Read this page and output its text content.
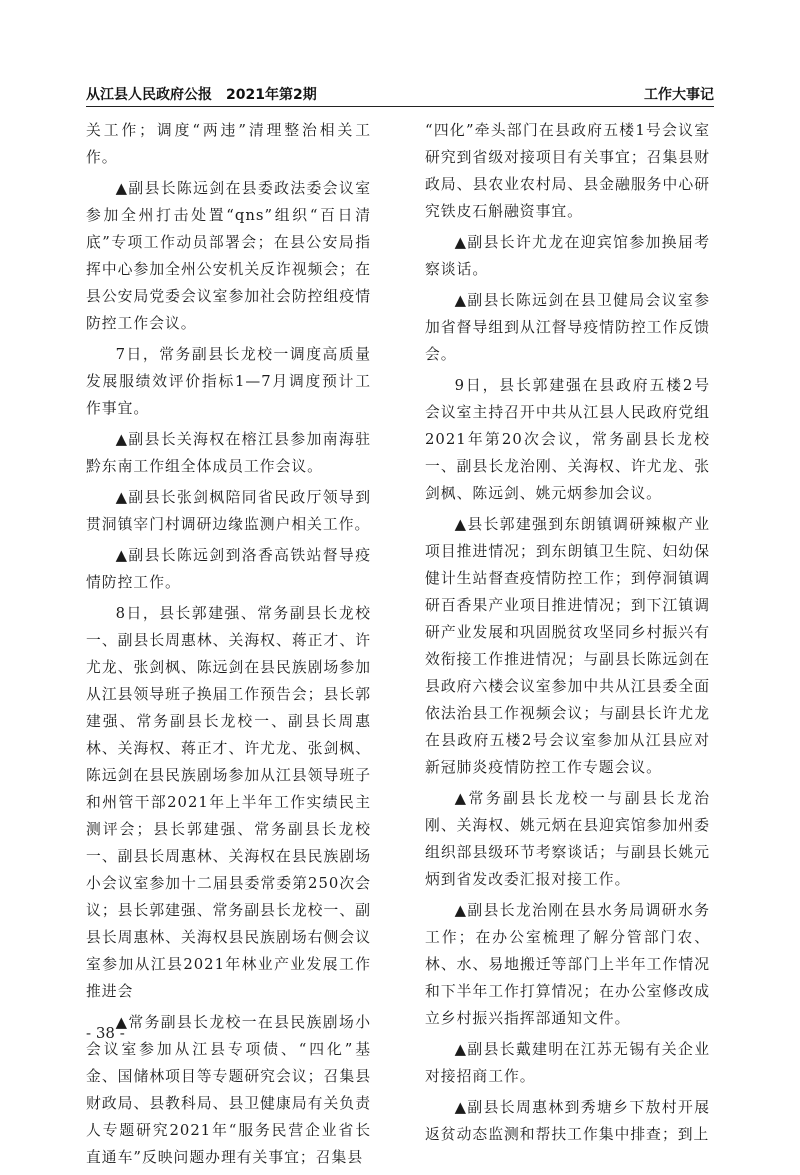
从江县人民政府公报 2021年第2期	工作大事记

关工作；调度“两违”清理整治相关工作。

▲副县长陈远剑在县委政法委会议室参加全州打击处置“qns”组织“百日清底”专项工作动员部署会；在县公安局指挥中心参加全州公安机关反诈视频会；在县公安局党委会议室参加社会防控组疫情防控工作会议。

7日，常务副县长龙校一调度高质量发展服绩效评价指标1—7月调度预计工作事宜。

▲副县长关海权在榕江县参加南海驻黔东南工作组全体成员工作会议。

▲副县长张剑枫陪同省民政厅领导到贯洞镇宰门村调研边缘监测户相关工作。

▲副县长陈远剑到洛香高铁站督导疫情防控工作。

8日，县长郭建强、常务副县长龙校一、副县长周惠林、关海权、蒋正才、许尤龙、张剑枫、陈远剑在县民族剧场参加从江县领导班子换届工作预告会；县长郭建强、常务副县长龙校一、副县长周惠林、关海权、蒋正才、许尤龙、张剑枫、陈远剑在县民族剧场参加从江县领导班子和州管干部2021年上半年工作实绩民主测评会；县长郭建强、常务副县长龙校一、副县长周惠林、关海权在县民族剧场小会议室参加十二届县委常委第250次会议；县长郭建强、常务副县长龙校一、副县长周惠林、关海权县民族剧场右侧会议室参加从江县2021年林业产业发展工作推进会

▲常务副县长龙校一在县民族剧场小会议室参加从江县专项债、“四化”基金、国储林项目等专题研究会议；召集县财政局、县教科局、县卫健康局有关负责人专题研究2021年“服务民营企业省长直通车”反映问题办理有关事宜；召集县

“四化”牵头部门在县政府五楼1号会议室研究到省级对接项目有关事宜；召集县财政局、县农业农村局、县金融服务中心研究铁皮石斛融资事宜。

▲副县长许尤龙在迎宾馆参加换届考察谈话。

▲副县长陈远剑在县卫健局会议室参加省督导组到从江督导疫情防控工作反馈会。

9日，县长郭建强在县政府五楼2号会议室主持召开中共从江县人民政府党组2021年第20次会议，常务副县长龙校一、副县长龙治刚、关海权、许尤龙、张剑枫、陈远剑、姚元炳参加会议。

▲县长郭建强到东朗镇调研辣椒产业项目推进情况；到东朗镇卫生院、妇幼保健计生站督查疫情防控工作；到停洞镇调研百香果产业项目推进情况；到下江镇调研产业发展和巩固脱贫攻坚同乡村振兴有效衔接工作推进情况；与副县长陈远剑在县政府六楼会议室参加中共从江县委全面依法治县工作视频会议；与副县长许尤龙在县政府五楼2号会议室参加从江县应对新冠肺炎疫情防控工作专题会议。

▲常务副县长龙校一与副县长龙治刚、关海权、姚元炳在县迎宾馆参加州委组织部县级环节考察谈话；与副县长姚元炳到省发改委汇报对接工作。

▲副县长龙治刚在县水务局调研水务工作；在办公室梳理了解分管部门农、林、水、易地搬迁等部门上半年工作情况和下半年工作打算情况；在办公室修改成立乡村振兴指挥部通知文件。

▲副县长戴建明在江苏无锡有关企业对接招商工作。

▲副县长周惠林到秀塘乡下敖村开展返贫动态监测和帮扶工作集中排查；到上

- 38 -
